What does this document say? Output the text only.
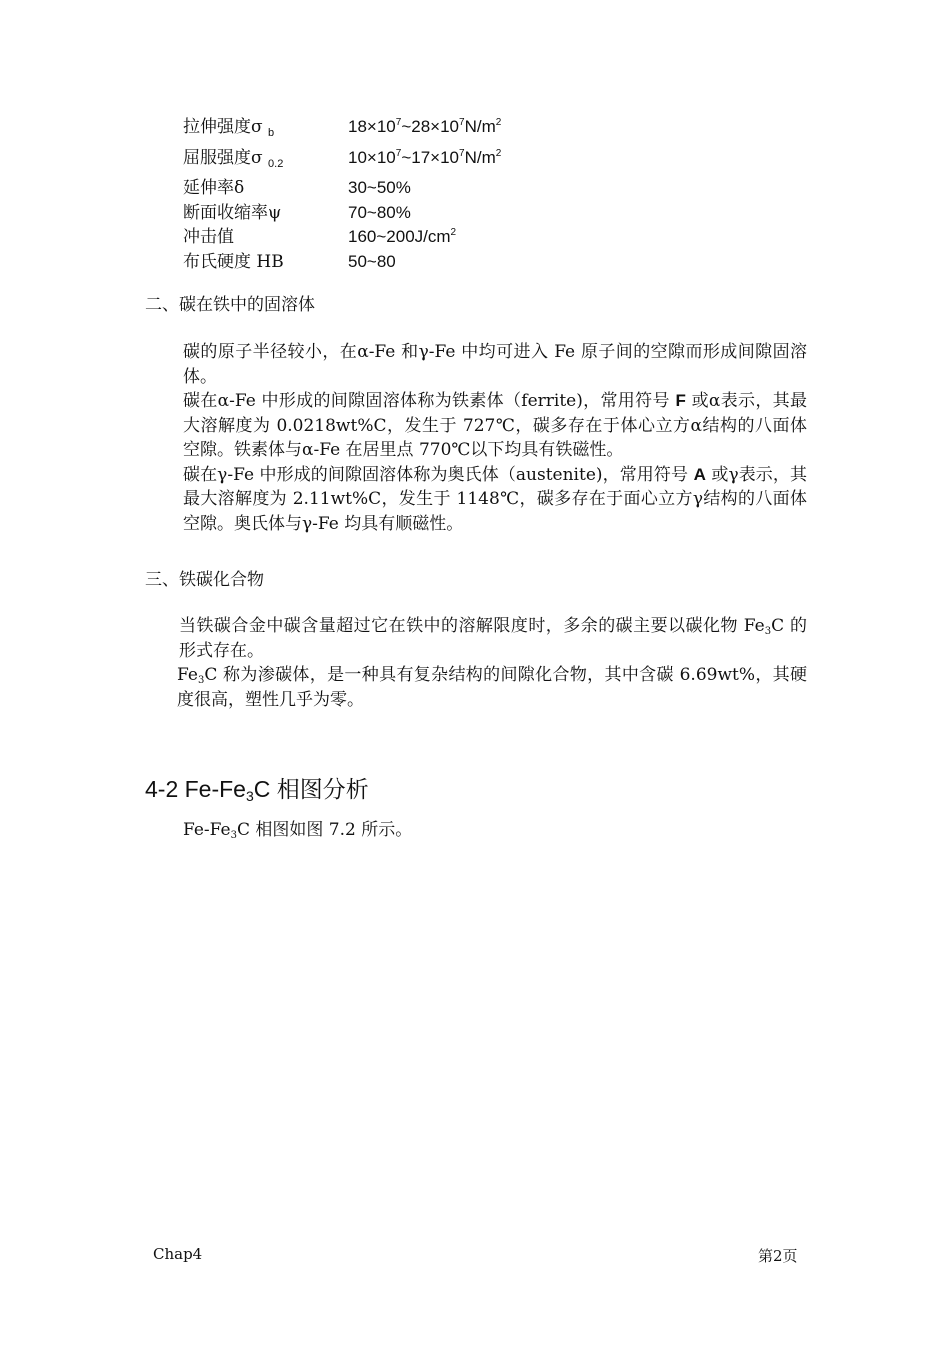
拉伸强度σ $_b$	$18\times 10^7\sim 28\times 10^7N/m^2$
屈服强度σ $_{0.2}$	$10\times 10^7\sim 17\times 10^7N/m^2$
延伸率δ	30~50%
断面收缩率ψ	70~80%
冲击值	$160\sim 200J/cm^2$
布氏硬度 HB	50~80
二、碳在铁中的固溶体
碳的原子半径较小，在α-Fe 和γ-Fe 中均可进入 Fe 原子间的空隙而形成间隙固溶体。
碳在α-Fe 中形成的间隙固溶体称为铁素体（ferrite)，常用符号 F 或α表示，其最大溶解度为 0.0218wt%C，发生于 727℃，碳多存在于体心立方α结构的八面体空隙。铁素体与α-Fe 在居里点 770℃以下均具有铁磁性。
碳在γ-Fe 中形成的间隙固溶体称为奥氏体（austenite)，常用符号 A 或γ表示，其最大溶解度为 2.11wt%C，发生于 1148℃，碳多存在于面心立方γ结构的八面体空隙。奥氏体与γ-Fe 均具有顺磁性。
三、铁碳化合物
当铁碳合金中碳含量超过它在铁中的溶解限度时，多余的碳主要以碳化物 $Fe_3C$ 的形式存在。
$Fe_3C$ 称为渗碳体，是一种具有复杂结构的间隙化合物，其中含碳 6.69wt%，其硬度很高，塑性几乎为零。
4-2 $Fe-Fe_3C$ 相图分析
$Fe-Fe_3C$ 相图如图 7.2 所示。
Chap4	第2页
